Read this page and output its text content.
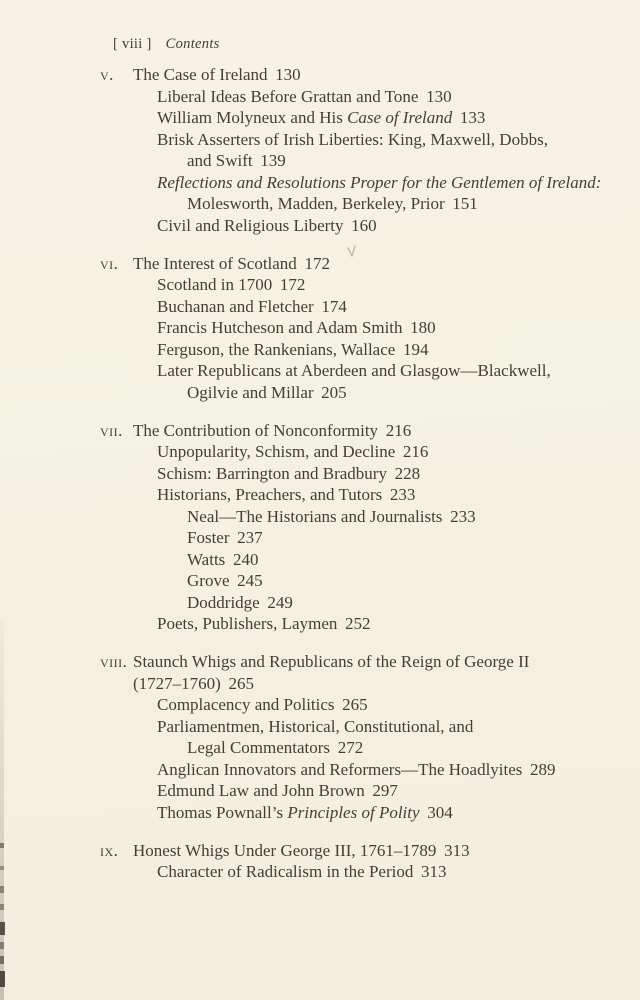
[ viii ] Contents
v. The Case of Ireland 130
Liberal Ideas Before Grattan and Tone 130
William Molyneux and His Case of Ireland 133
Brisk Asserters of Irish Liberties: King, Maxwell, Dobbs,
and Swift 139
Reflections and Resolutions Proper for the Gentlemen of Ireland:
Molesworth, Madden, Berkeley, Prior 151
Civil and Religious Liberty 160
vi. The Interest of Scotland 172
Scotland in 1700 172
Buchanan and Fletcher 174
Francis Hutcheson and Adam Smith 180
Ferguson, the Rankenians, Wallace 194
Later Republicans at Aberdeen and Glasgow—Blackwell,
Ogilvie and Millar 205
vii. The Contribution of Nonconformity 216
Unpopularity, Schism, and Decline 216
Schism: Barrington and Bradbury 228
Historians, Preachers, and Tutors 233
Neal—The Historians and Journalists 233
Foster 237
Watts 240
Grove 245
Doddridge 249
Poets, Publishers, Laymen 252
viii. Staunch Whigs and Republicans of the Reign of George II
(1727–1760) 265
Complacency and Politics 265
Parliamentmen, Historical, Constitutional, and
Legal Commentators 272
Anglican Innovators and Reformers—The Hoadlyites 289
Edmund Law and John Brown 297
Thomas Pownall’s Principles of Polity 304
ix. Honest Whigs Under George III, 1761–1789 313
Character of Radicalism in the Period 313
